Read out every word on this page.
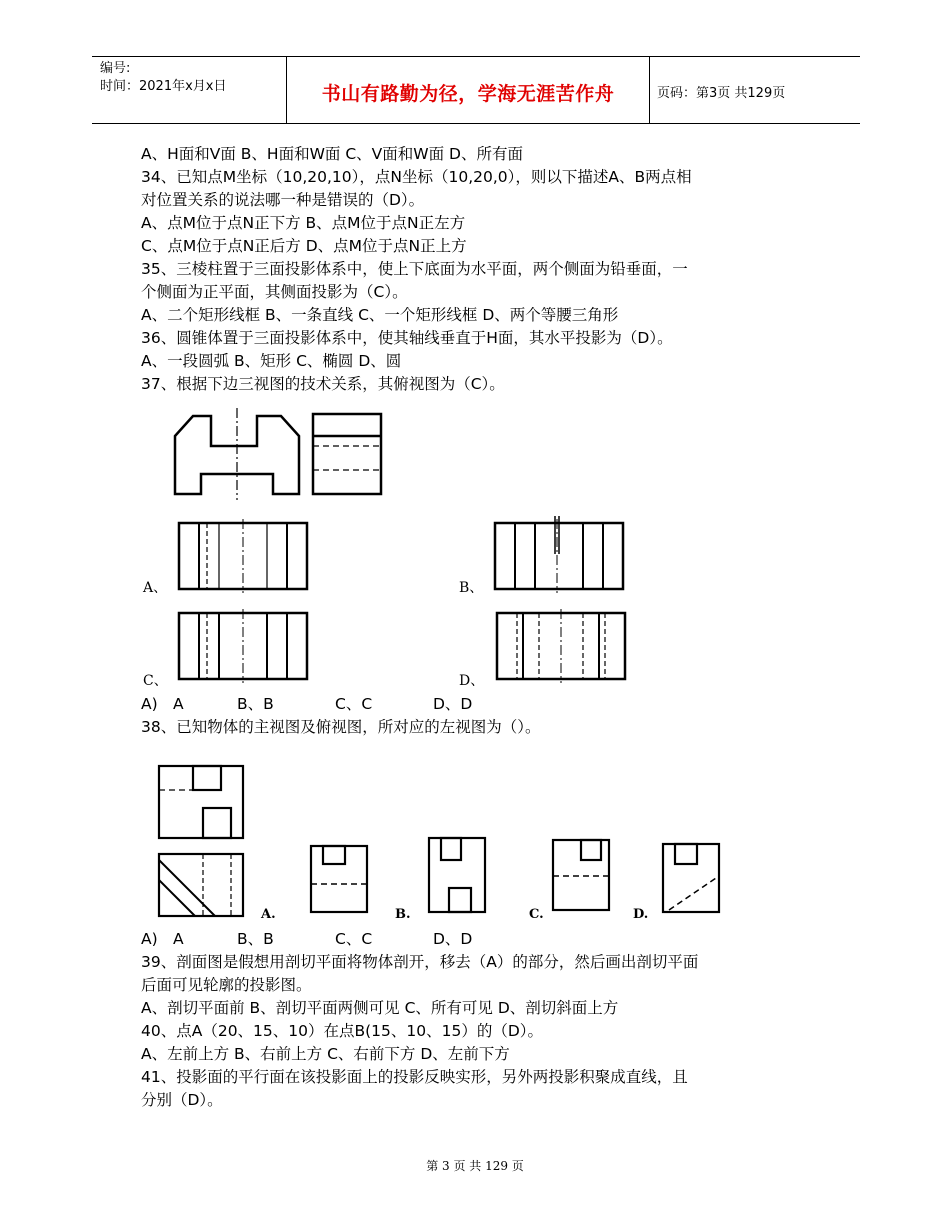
编号:
时间：2021年x月x日	书山有路勤为径，学海无涯苦作舟	页码：第3页 共129页
A、H面和V面 B、H面和W面 C、V面和W面 D、所有面
34、已知点M坐标（10,20,10），点N坐标（10,20,0），则以下描述A、B两点相
对位置关系的说法哪一种是错误的（D）。
A、点M位于点N正下方 B、点M位于点N正左方
C、点M位于点N正后方 D、点M位于点N正上方
35、三棱柱置于三面投影体系中，使上下底面为水平面，两个侧面为铅垂面，一
个侧面为正平面，其侧面投影为（C）。
A、二个矩形线框 B、一条直线 C、一个矩形线框 D、两个等腰三角形
36、圆锥体置于三面投影体系中，使其轴线垂直于H面，其水平投影为（D）。
A、一段圆弧 B、矩形 C、椭圆 D、圆
37、根据下边三视图的技术关系，其俯视图为（C）。
A、	B、
C、	D、
A) A	B、B	C、C	D、D
38、已知物体的主视图及俯视图，所对应的左视图为（）。
A.	B.	C.	D.
A) A	B、B	C、C	D、D
39、剖面图是假想用剖切平面将物体剖开，移去（A）的部分，然后画出剖切平面
后面可见轮廓的投影图。
A、剖切平面前 B、剖切平面两侧可见 C、所有可见 D、剖切斜面上方
40、点A（20、15、10）在点B(15、10、15）的（D）。
A、左前上方 B、右前上方 C、右前下方 D、左前下方
41、投影面的平行面在该投影面上的投影反映实形，另外两投影积聚成直线，且
分别（D）。
第 3 页 共 129 页
